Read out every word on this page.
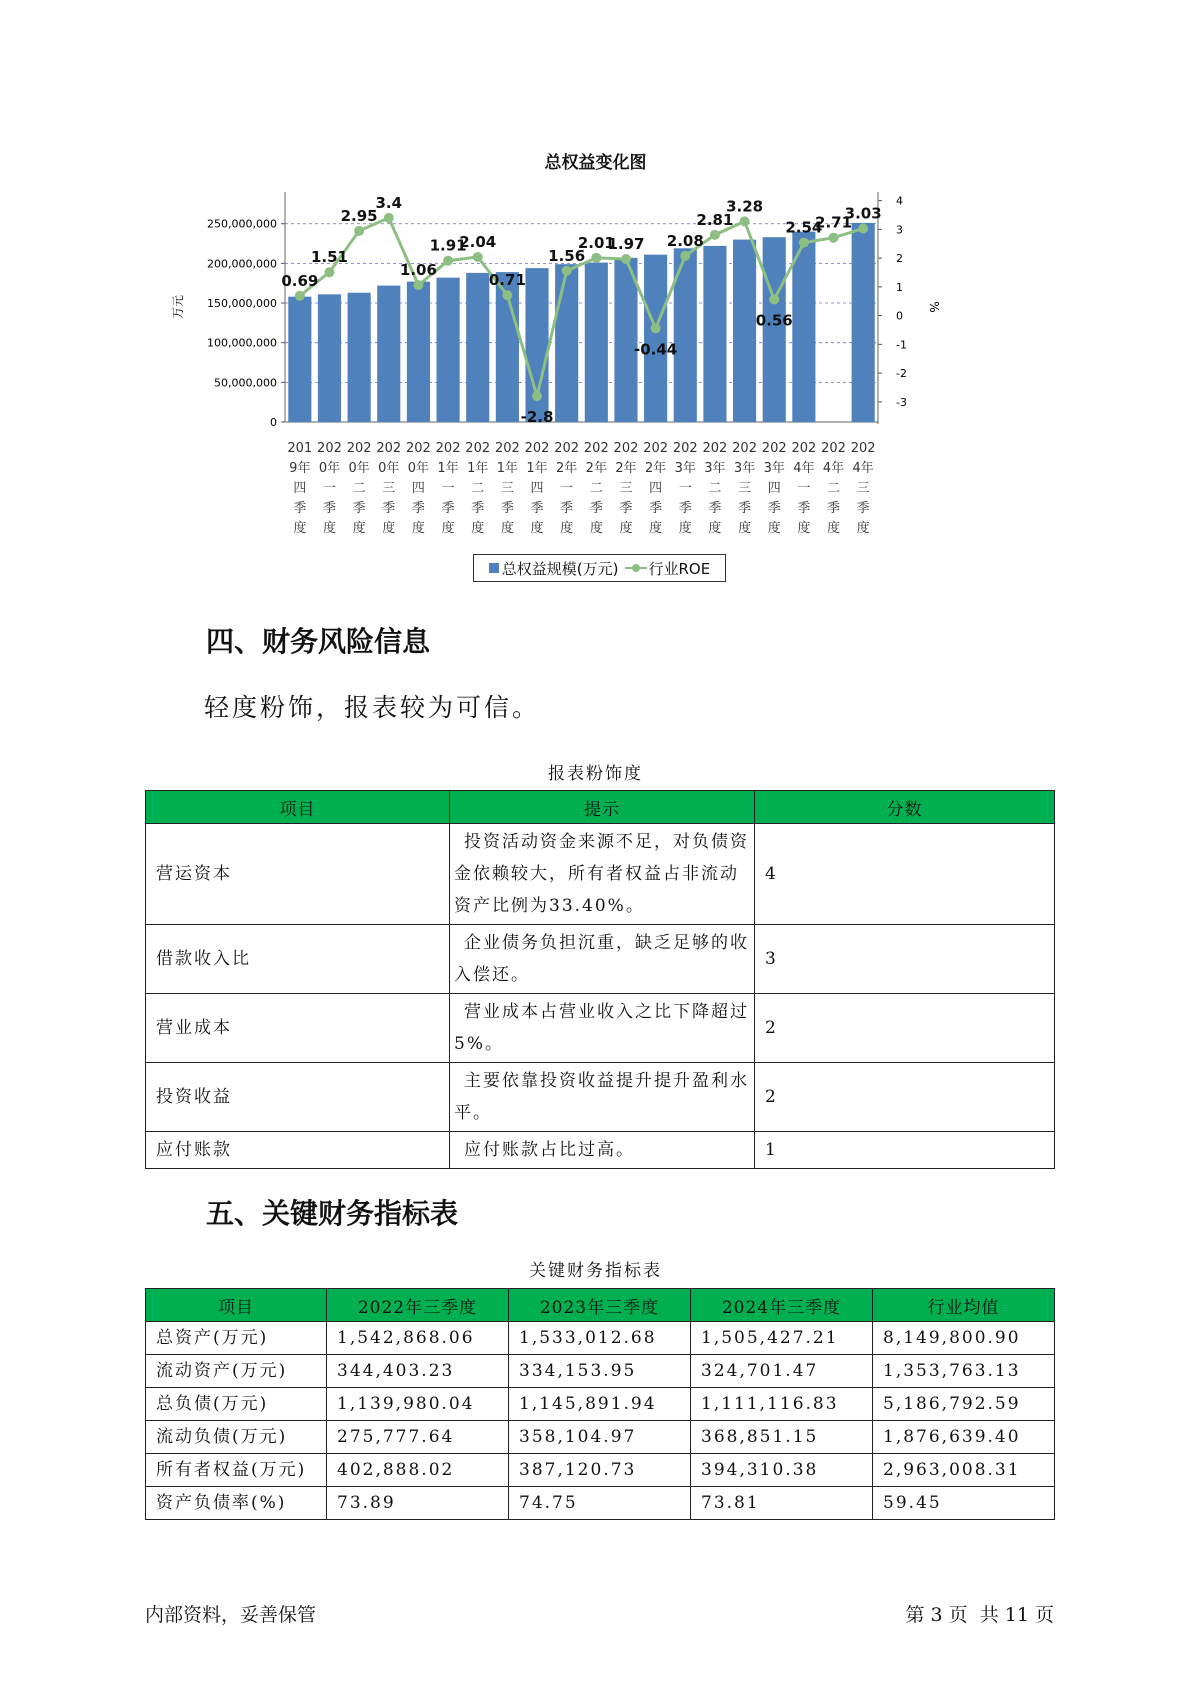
总权益变化图
0
50,000,000
100,000,000
150,000,000
200,000,000
250,000,000
-3
-2
-1
0
1
2
3
4
万元	%
0.69
1.51
2.95
3.4
1.06
1.91
2.04
0.71
-2.8
1.56
2.01
1.97
-0.44
2.08
2.81
3.28
0.56
2.54
2.71
3.03
201
9年
四
季
度
202
0年
一
季
度
202
0年
二
季
度
202
0年
三
季
度
202
0年
四
季
度
202
1年
一
季
度
202
1年
二
季
度
202
1年
三
季
度
202
1年
四
季
度
202
2年
一
季
度
202
2年
二
季
度
202
2年
三
季
度
202
2年
四
季
度
202
3年
一
季
度
202
3年
二
季
度
202
3年
三
季
度
202
3年
四
季
度
202
4年
一
季
度
202
4年
二
季
度
202
4年
三
季
度
总权益规模(万元) 行业ROE
四、财务风险信息
轻度粉饰，报表较为可信。
报表粉饰度
项目	提示	分数
营运资本	投资活动资金来源不足，对负债资金依赖较大，所有者权益占非流动资产比例为33.40%。	4
借款收入比	企业债务负担沉重，缺乏足够的收入偿还。	3
营业成本	营业成本占营业收入之比下降超过5%。	2
投资收益	主要依靠投资收益提升提升盈利水平。	2
应付账款	应付账款占比过高。	1
五、关键财务指标表
关键财务指标表
项目	2022年三季度	2023年三季度	2024年三季度	行业均值
总资产(万元)	1,542,868.06	1,533,012.68	1,505,427.21	8,149,800.90
流动资产(万元)	344,403.23	334,153.95	324,701.47	1,353,763.13
总负债(万元)	1,139,980.04	1,145,891.94	1,111,116.83	5,186,792.59
流动负债(万元)	275,777.64	358,104.97	368,851.15	1,876,639.40
所有者权益(万元)	402,888.02	387,120.73	394,310.38	2,963,008.31
资产负债率(%)	73.89	74.75	73.81	59.45
内部资料，妥善保管	第 3 页  共 11 页
